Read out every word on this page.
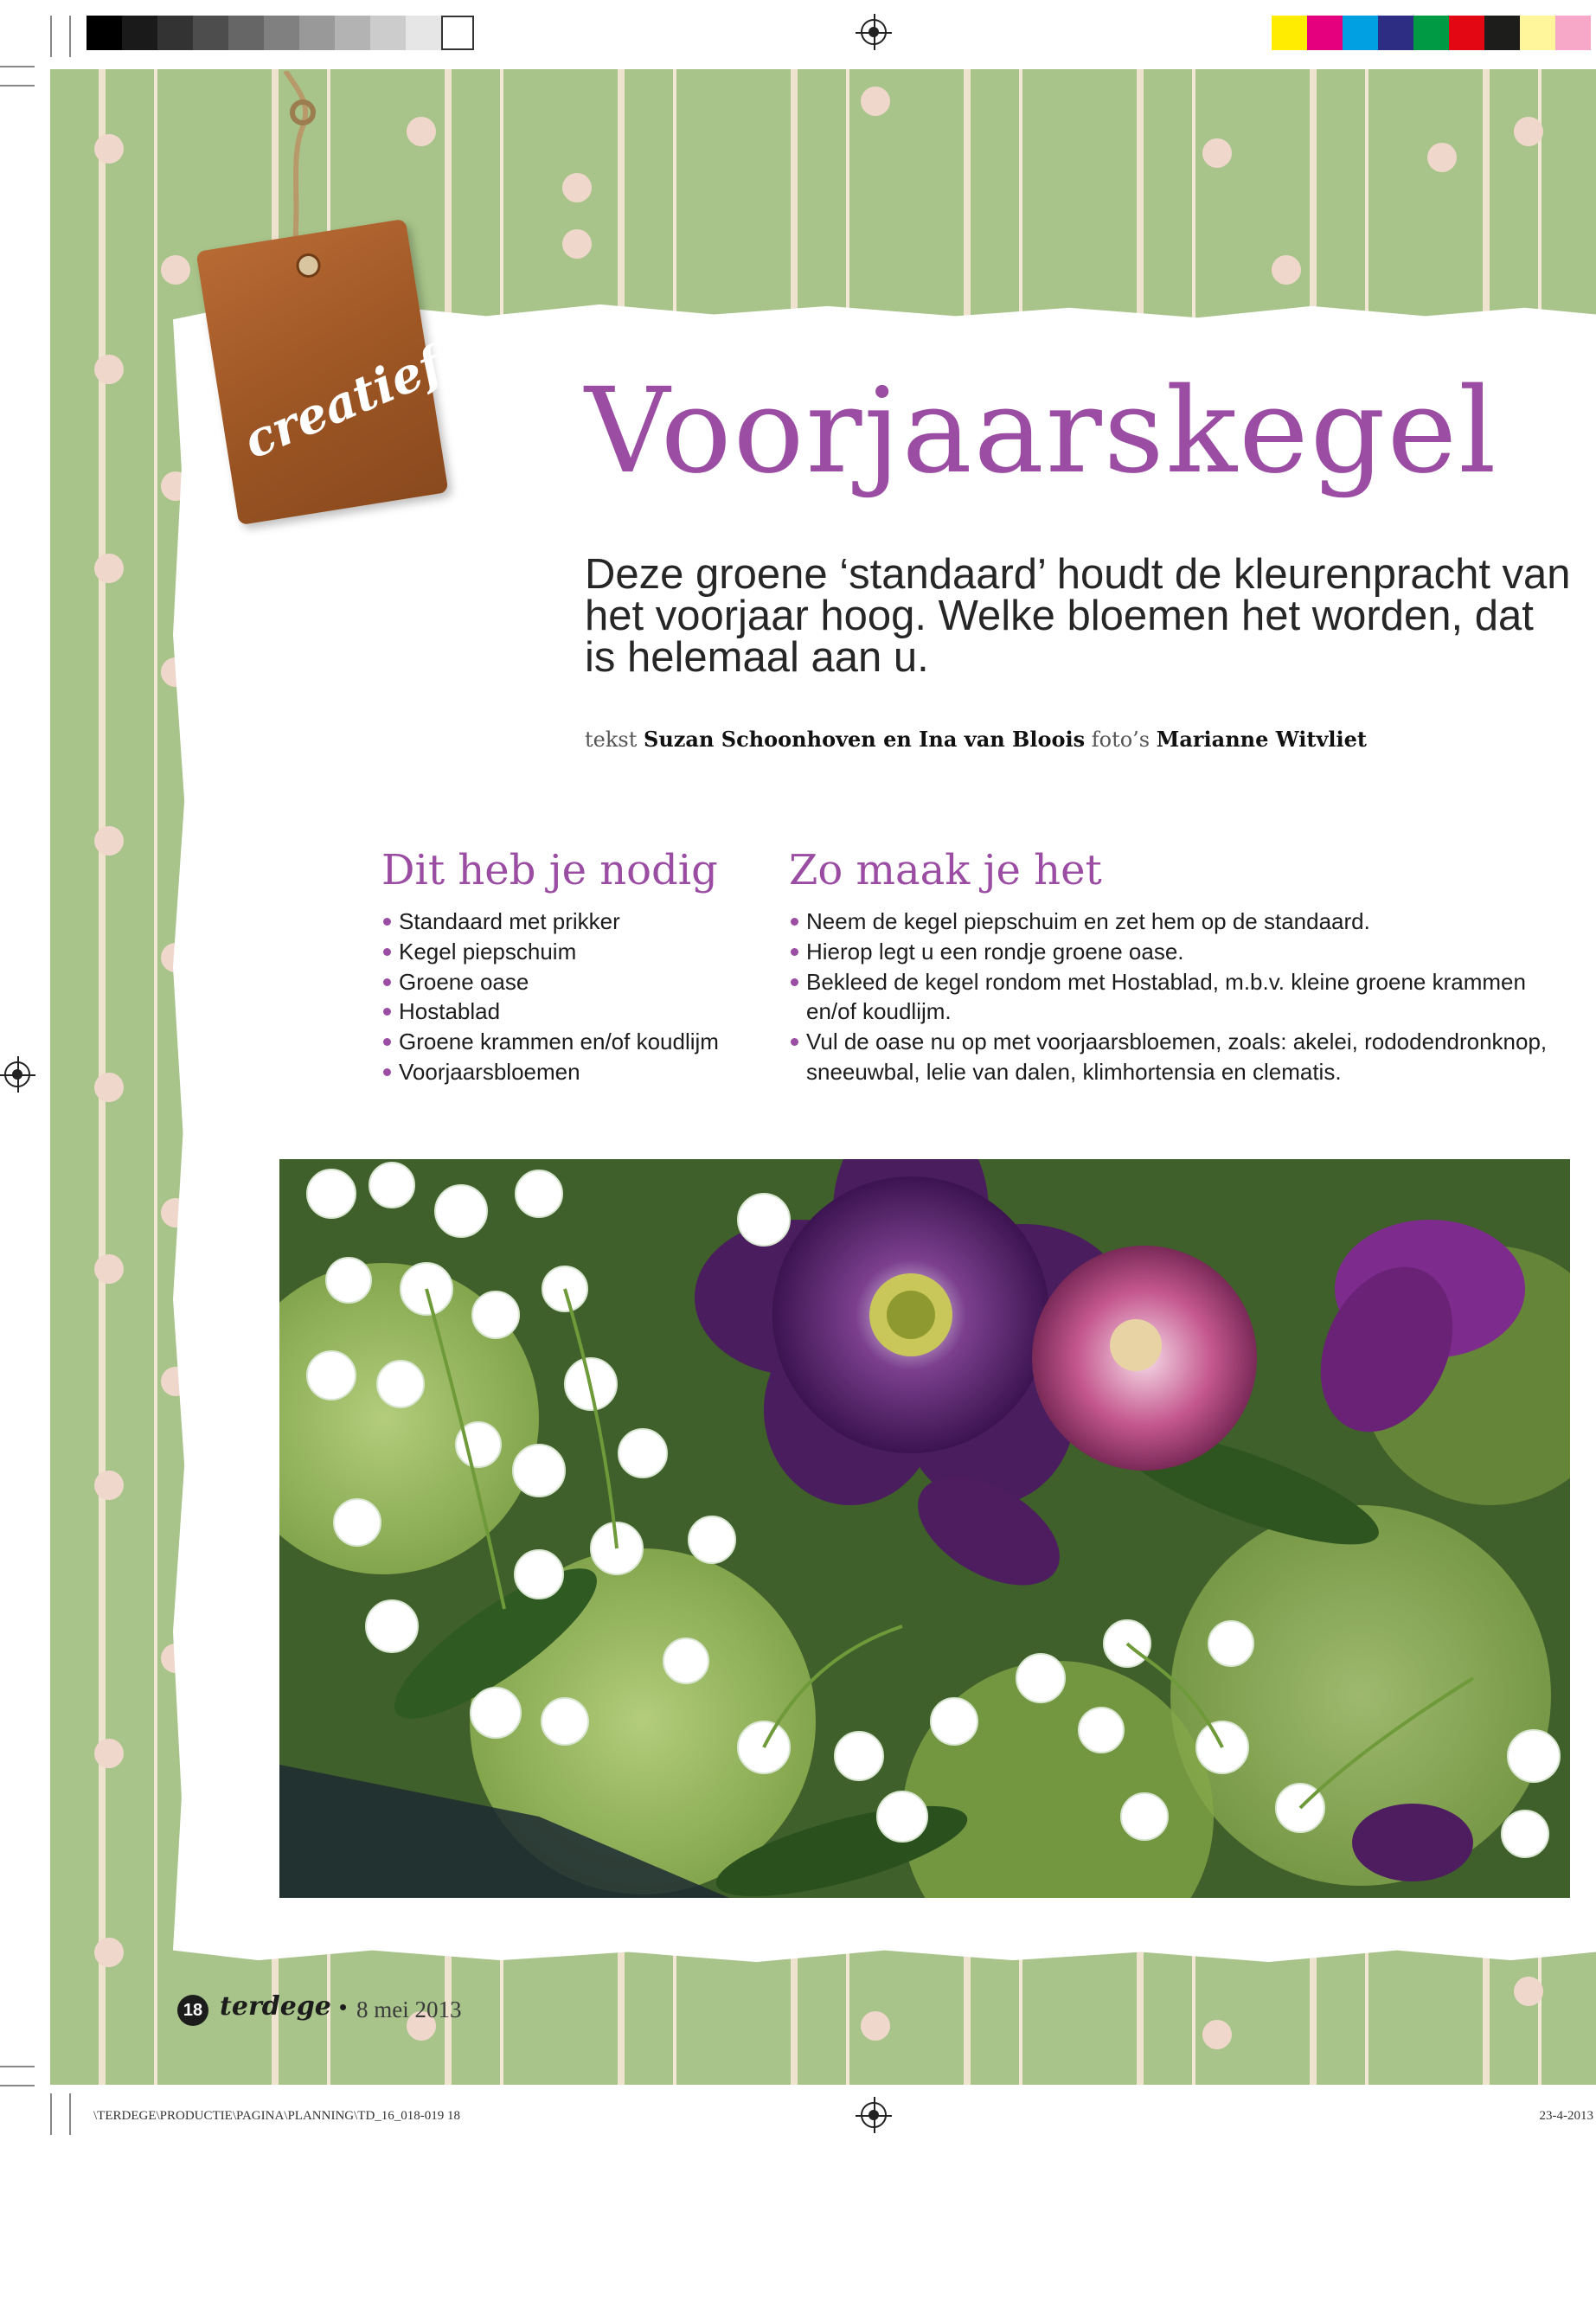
creatief Voorjaarskegel
Deze groene ‘standaard’ houdt de kleurenpracht van het voorjaar hoog. Welke bloemen het worden, dat is helemaal aan u.
tekst Suzan Schoonhoven en Ina van Bloois foto’s Marianne Witvliet
Dit heb je nodig
Standaard met prikker
Kegel piepschuim
Groene oase
Hostablad
Groene krammen en/of koudlijm
Voorjaarsbloemen
Zo maak je het
Neem de kegel piepschuim en zet hem op de standaard.
Hierop legt u een rondje groene oase.
Bekleed de kegel rondom met Hostablad, m.b.v. kleine groene krammen en/of koudlijm.
Vul de oase nu op met voorjaarsbloemen, zoals: akelei, rododendronknop, sneeuwbal, lelie van dalen, klimhortensia en clematis.
18 terdege • 8 mei 2013
\TERDEGE\PRODUCTIE\PAGINA\PLANNING\TD_16_018-019 18	23-4-2013
